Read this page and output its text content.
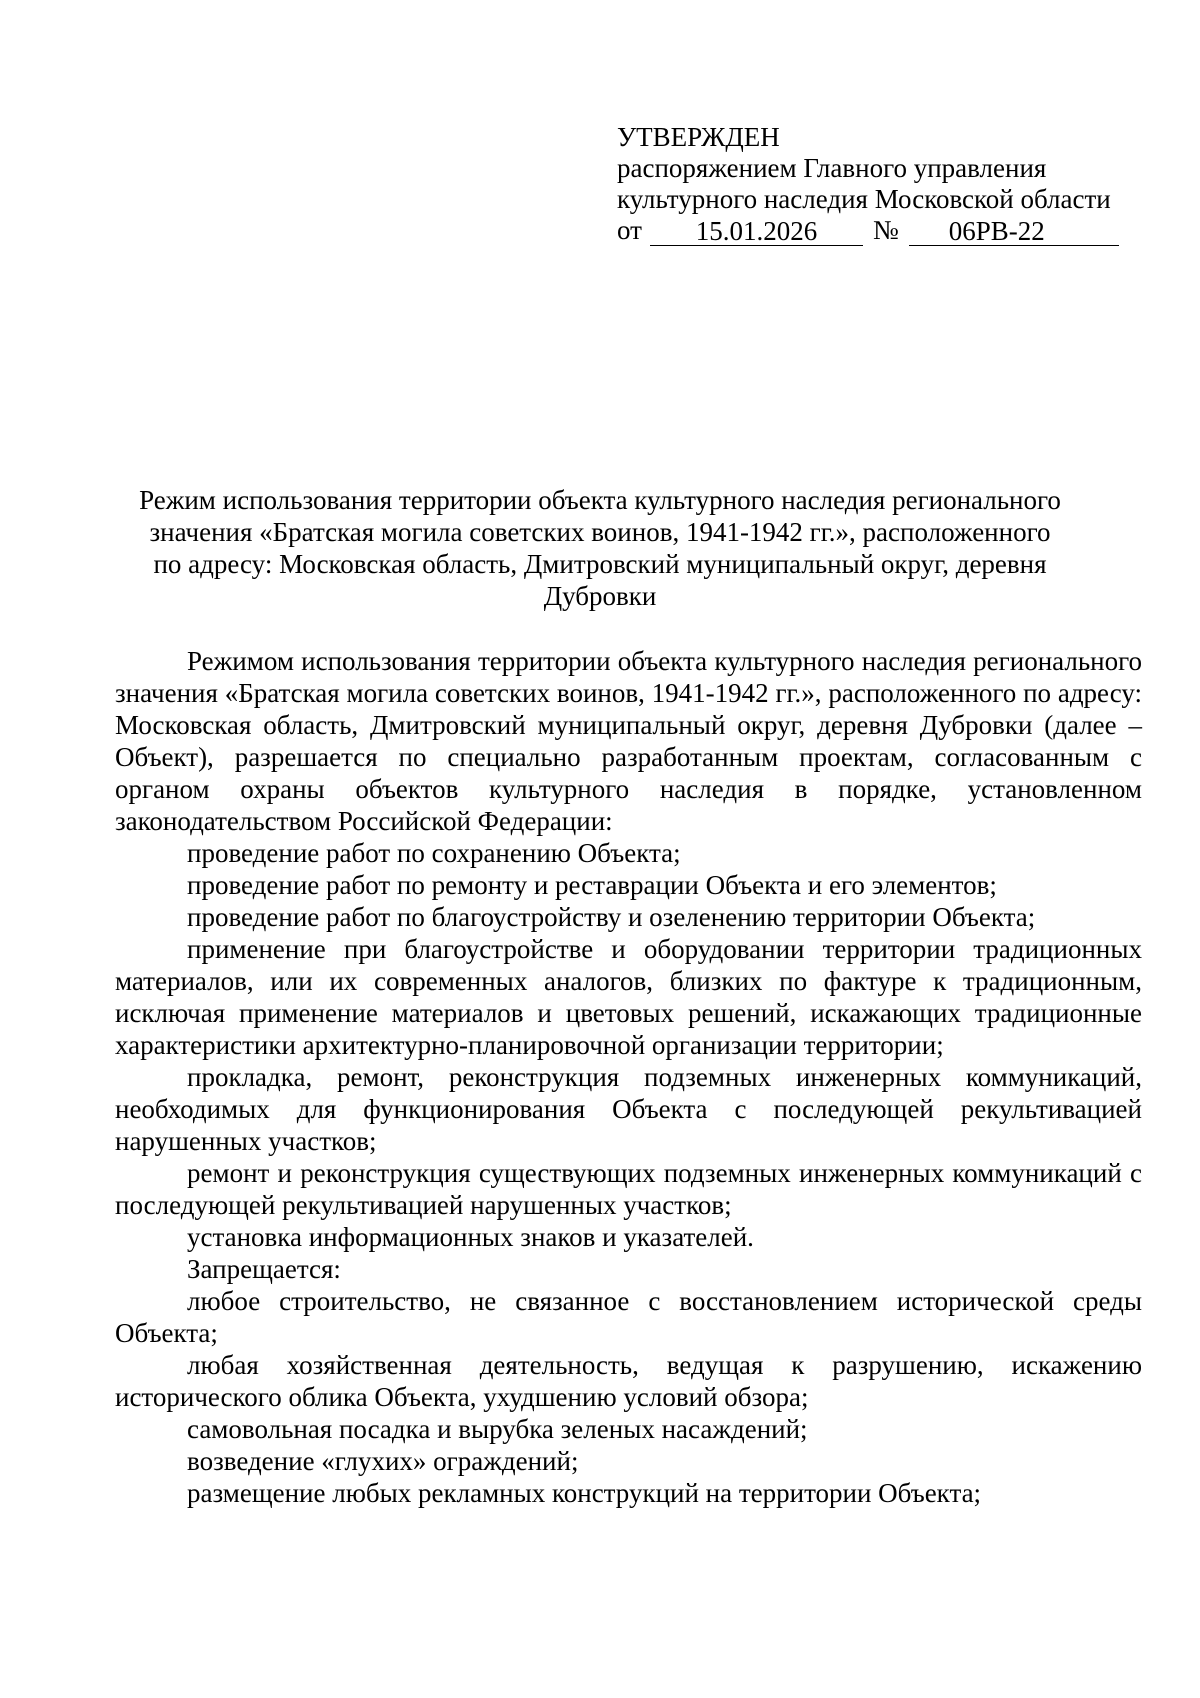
УТВЕРЖДЕН
распоряжением Главного управления
культурного наследия Московской области
от	15.01.2026	№	06РВ-22
Режим использования территории объекта культурного наследия регионального
значения «Братская могила советских воинов, 1941-1942 гг.», расположенного
по адресу: Московская область, Дмитровский муниципальный округ, деревня
Дубровки

Режимом использования территории объекта культурного наследия регионального значения «Братская могила советских воинов, 1941-1942 гг.», расположенного по адресу: Московская область, Дмитровский муниципальный округ, деревня Дубровки (далее – Объект), разрешается по специально разработанным проектам, согласованным с органом охраны объектов культурного наследия в порядке, установленном законодательством Российской Федерации:

проведение работ по сохранению Объекта;

проведение работ по ремонту и реставрации Объекта и его элементов;

проведение работ по благоустройству и озеленению территории Объекта;

применение при благоустройстве и оборудовании территории традиционных материалов, или их современных аналогов, близких по фактуре к традиционным, исключая применение материалов и цветовых решений, искажающих традиционные характеристики архитектурно-планировочной организации территории;

прокладка, ремонт, реконструкция подземных инженерных коммуникаций, необходимых для функционирования Объекта с последующей рекультивацией нарушенных участков;

ремонт и реконструкция существующих подземных инженерных коммуникаций с последующей рекультивацией нарушенных участков;

установка информационных знаков и указателей.

Запрещается:

любое строительство, не связанное с восстановлением исторической среды Объекта;

любая хозяйственная деятельность, ведущая к разрушению, искажению исторического облика Объекта, ухудшению условий обзора;

самовольная посадка и вырубка зеленых насаждений;

возведение «глухих» ограждений;

размещение любых рекламных конструкций на территории Объекта;
